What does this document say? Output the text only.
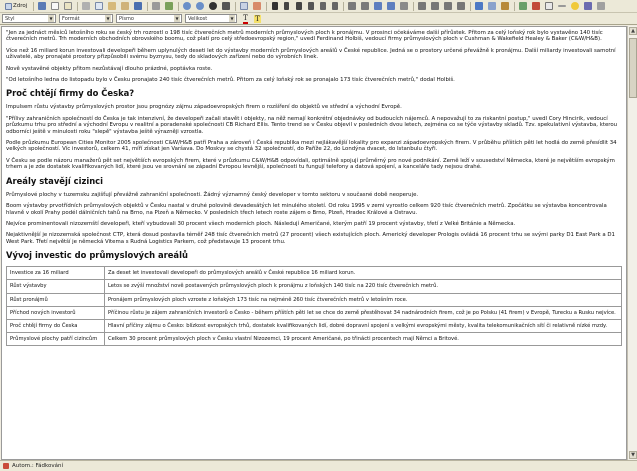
Zdroj
Styl	▼ Formát	▼ Písmo	▼ Velikost	▼ T T

"Jen za jednáct měsíců letošního roku se český trh rozrostl o 198 tisíc čtverečních metrů moderních průmyslových ploch k pronájmu. V prosinci očekáváme další přírůstek. Přitom za celý loňský rok bylo vystavěno 140 tisíc čtverečních metrů. Trh moderních obchodních obrovského boomu, což platí pro celý středoevropský region," uvedl Ferdinand Holbiš, vedoucí firmy průmyslových ploch v Cushman & Wakefield Healey & Baker (C&W/H&B).

Více než 16 miliard korun investovali developeři během uplynulých deseti let do výstavby moderních průmyslových areálů v České republice. Jedná se o prostory určené převážně k pronájmu. Další miliardy investovali samotní uživatelé, aby pronajaté prostory přizpůsobili svému byznysu, tedy do skladových zařízení nebo do výrobních linek.

Nově vystavěné objekty přitom nezůstávají dlouho prázdné, poptávka roste.

"Od letošního ledna do listopadu bylo v Česku pronajato 240 tisíc čtverečních metrů. Přitom za celý loňský rok se pronajalo 173 tisíc čtverečních metrů," dodal Holbiš.

Proč chtějí firmy do Česka?

Impulsem růstu výstavby průmyslových prostor jsou prognózy zájmu západoevropských firem o rozšíření do objektů ve střední a východní Evropě.

"Přílivy zahraničních společností do Česka je tak intenzivní, že developeři začali stavět i objekty, na něž nemají konkrétní objednávky od budoucích nájemců. A nepovažují to za riskantní postup," uvedl Cory Hincirik, vedoucí průzkumu trhu pro střední a východní Evropu v realitní a poradenské společnosti CB Richard Ellis. Tento trend se v Česku objevil v posledních dvou letech, zejména co se týče výstavby skladů. Tzv. spekulativní výstavba, kterou odborníci ještě v minulosti roku "slepě" výstavba ještě výrazněji vzrostla.

Podle průzkumu European Cities Monitor 2005 společnosti C&W/H&B patří Praha a zároveň i Česká republika mezi nejlákavější lokality pro expanzi západoevropských firem. V průběhu příštích pěti let hodlá do země přesídlit 34 velkých společností. Víc investorů, celkem 41, míří získat jen Varšava. Do Moskvy se chystá 32 společností, do Paříže 22, do Londýna dvacet, do Istanbulu čtyři.

V Česku se podle názoru manažerů pět set největších evropských firem, které v průzkumu C&W/H&B odpovídali, optimálně spojují průměrný pro nové podnikání. Země leží v sousedství Německa, které je největším evropským trhem a je zde dostatek kvalifikovaných lidí, které jsou ve srovnání se západní Evropou levnější, společnosti tu fungují telefony a datová spojení, a kanceláře tady nejsou drahé.

Areály stavějí cizinci

Průmyslové plochy v tuzemsku zajišťují převážně zahraniční společnosti. Žádný významný český developer v tomto sektoru v současné době neoperuje.

Boom výstavby prvotřídních průmyslových objektů v Česku nastal v druhé polovině devadesátých let minulého století. Od roku 1995 v zemi vyrostlo celkem 920 tisíc čtverečních metrů. Zpočátku se výstavba koncentrovala hlavně v okolí Prahy podél dálničních tahů na Brno, na Plzeň a Německo. V posledních třech letech roste zájem o Brno, Plzeň, Hradec Králové a Ostravu.

Nejvíce prominentovali nizozemští developeři, kteří vybudovali 30 procent všech moderních ploch. Následují Američané, kterým patří 19 procent výstavby, třetí z Velké Británie a Německa.

Nejaktivnější je nizozemská společnost CTP, která dosud postavila téměř 248 tisíc čtverečních metrů (27 procent) všech existujících ploch. Americký developer Prologis ovládá 16 procent trhu se svými parky D1 East Park a D1 West Park. Třetí největší je německá Vitema s Rudná Logistics Parkem, což představuje 13 procent trhu.

Vývoj investic do průmyslových areálů
Investice za 16 miliard	Za deset let investovali developeři do průmyslových areálů v České republice 16 miliard korun.
Růst výstavby	Letos se zvýší množství nově postavených průmyslových ploch k pronájmu z loňských 140 tisíc na 220 tisíc čtverečních metrů.
Růst pronájmů	Pronájem průmyslových ploch vzroste z loňských 173 tisíc na nejméně 260 tisíc čtverečních metrů v letošním roce.
Příchod nových investorů	Příčinou růstu je zájem zahraničních investorů o Česko - během příštích pěti let se chce do země přestěhovat 34 nadnárodních firem, což je po Polsku (41 firem) v Evropě, Turecku a Rusku nejvíce.
Proč chtějí firmy do Česka	Hlavní příčiny zájmu o Česko: blízkost evropských trhů, dostatek kvalifikovaných lidí, dobré dopravní spojení s velkými evropskými městy, kvalita telekomunikačních sítí či relativně nízké mzdy.
Průmyslové plochy patří cizincům	Celkem 30 procent průmyslových ploch v Česku vlastní Nizozemci, 19 procent Američané, po třinácti procentech mají Němci a Britové.
▲
▼
Autom.: Fádkování
